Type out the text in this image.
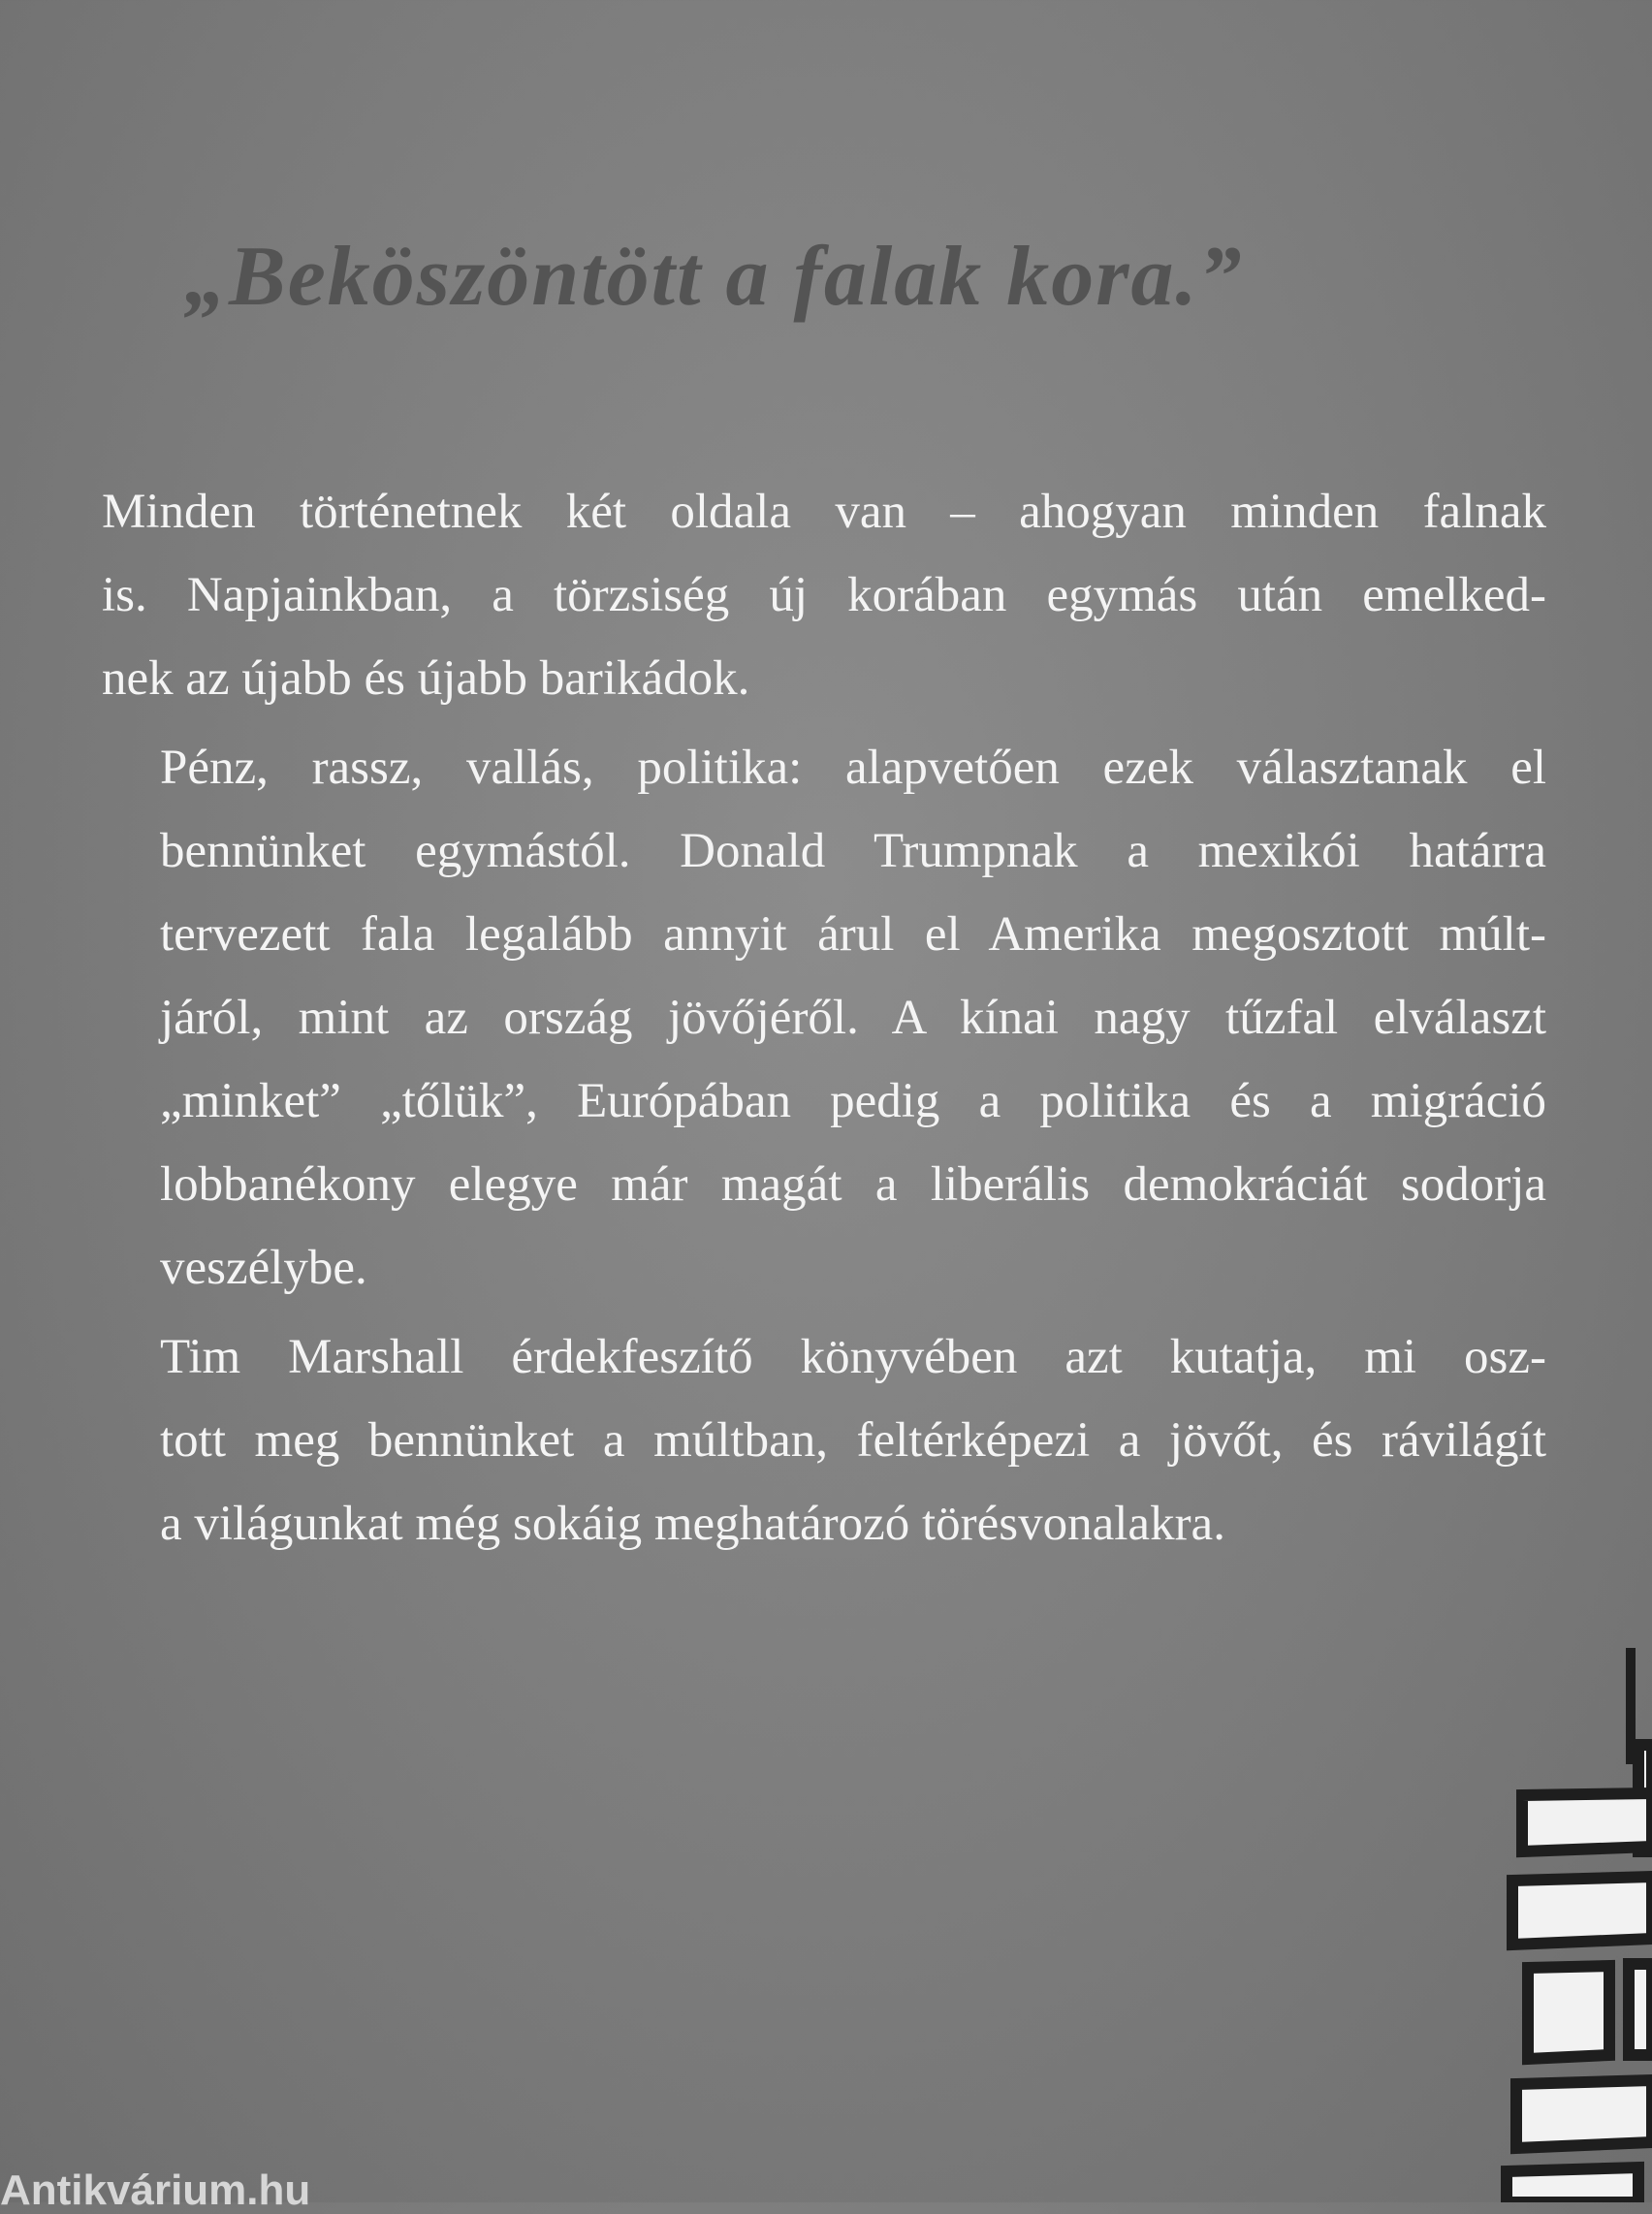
„Beköszöntött a falak kora.”

Minden történetnek két oldala van – ahogyan minden falnak
is. Napjainkban, a törzsiség új korában egymás után emelked-
nek az újabb és újabb barikádok.

Pénz, rassz, vallás, politika: alapvetően ezek választanak el
bennünket egymástól. Donald Trumpnak a mexikói határra
tervezett fala legalább annyit árul el Amerika megosztott múlt-
járól, mint az ország jövőjéről. A kínai nagy tűzfal elválaszt
„minket” „tőlük”, Európában pedig a politika és a migráció
lobbanékony elegye már magát a liberális demokráciát sodorja
veszélybe.

Tim Marshall érdekfeszítő könyvében azt kutatja, mi osz-
tott meg bennünket a múltban, feltérképezi a jövőt, és rávilágít
a világunkat még sokáig meghatározó törésvonalakra.

Antikvárium.hu
